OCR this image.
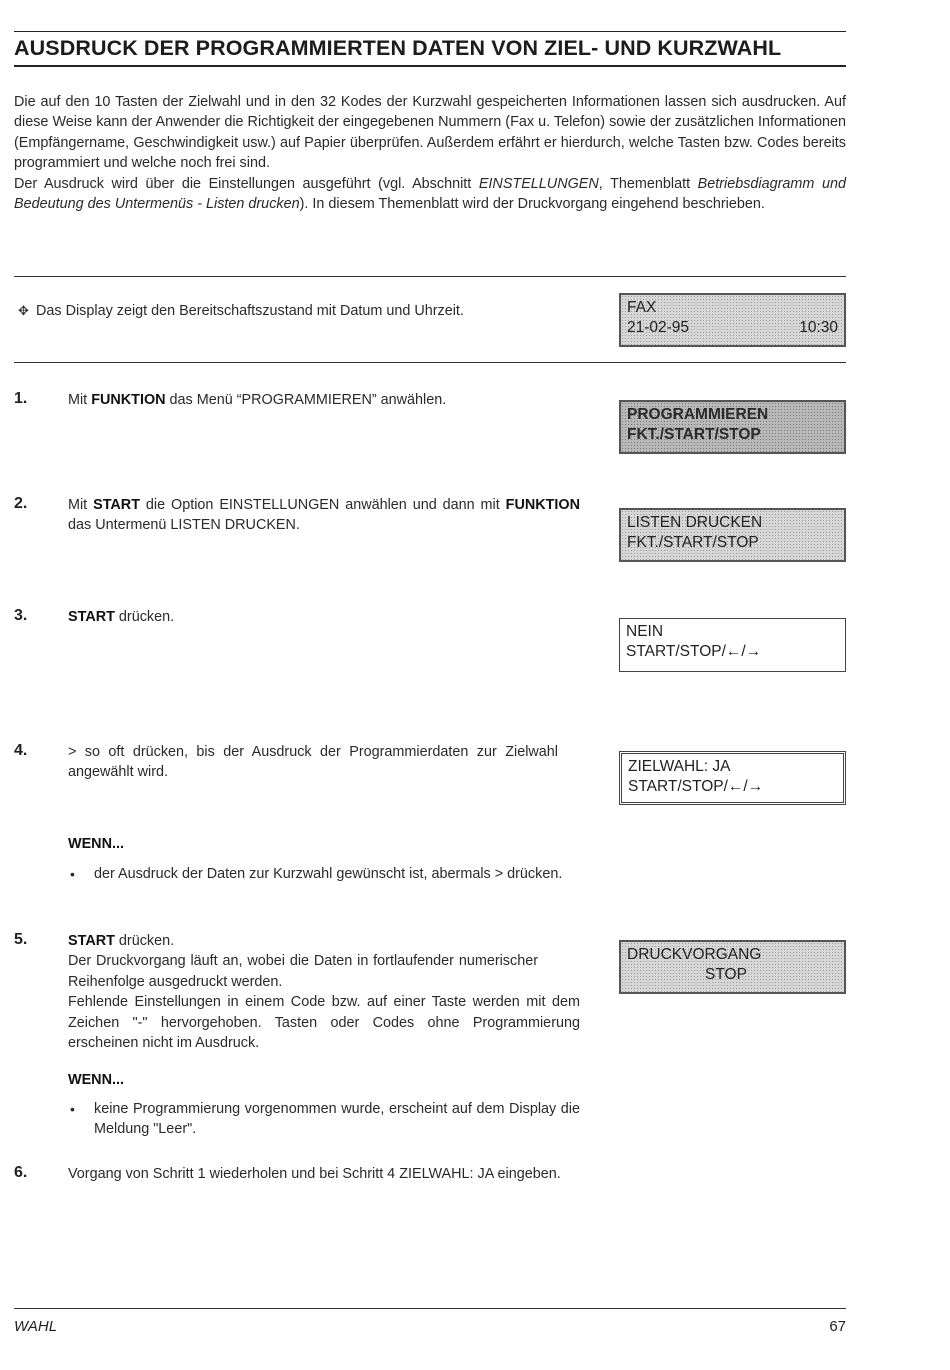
AUSDRUCK DER PROGRAMMIERTEN DATEN VON ZIEL- UND KURZWAHL

Die auf den 10 Tasten der Zielwahl und in den 32 Kodes der Kurzwahl gespeicherten Informationen lassen sich ausdrucken. Auf diese Weise kann der Anwender die Richtigkeit der eingegebenen Nummern (Fax u. Telefon) sowie der zusätzlichen Informationen (Empfängername, Geschwindigkeit usw.) auf Papier überprüfen. Außerdem erfährt er hierdurch, welche Tasten bzw. Codes bereits programmiert und welche noch frei sind.

Der Ausdruck wird über die Einstellungen ausgeführt (vgl. Abschnitt EINSTELLUNGEN, Themenblatt Betriebsdiagramm und Bedeutung des Untermenüs - Listen drucken). In diesem Themenblatt wird der Druckvorgang eingehend beschrieben.

✥ Das Display zeigt den Bereitschaftszustand mit Datum und Uhrzeit.	FAX
21-02-95	10:30
1.	Mit FUNKTION das Menü “PROGRAMMIEREN” anwählen.
PROGRAMMIEREN
FKT./START/STOP
2.	Mit START die Option EINSTELLUNGEN anwählen und dann mit FUNKTION das Untermenü LISTEN DRUCKEN.	LISTEN DRUCKEN
FKT./START/STOP
3.	START drücken.
NEIN
START/STOP/←/→
4.	> so oft drücken, bis der Ausdruck der Programmierdaten zur Zielwahl angewählt wird.	ZIELWAHL: JA
START/STOP/←/→
WENN...
• der Ausdruck der Daten zur Kurzwahl gewünscht ist, abermals > drücken.
5.	START drücken.
Der Druckvorgang läuft an, wobei die Daten in fortlaufender numerischer Reihenfolge ausgedruckt werden.
Fehlende Einstellungen in einem Code bzw. auf einer Taste werden mit dem Zeichen "-" hervorgehoben. Tasten oder Codes ohne Programmierung erscheinen nicht im Ausdruck.
DRUCKVORGANG
STOP
WENN...
• keine Programmierung vorgenommen wurde, erscheint auf dem Display die Meldung "Leer".
6.	Vorgang von Schritt 1 wiederholen und bei Schritt 4 ZIELWAHL: JA eingeben.
WAHL	67
